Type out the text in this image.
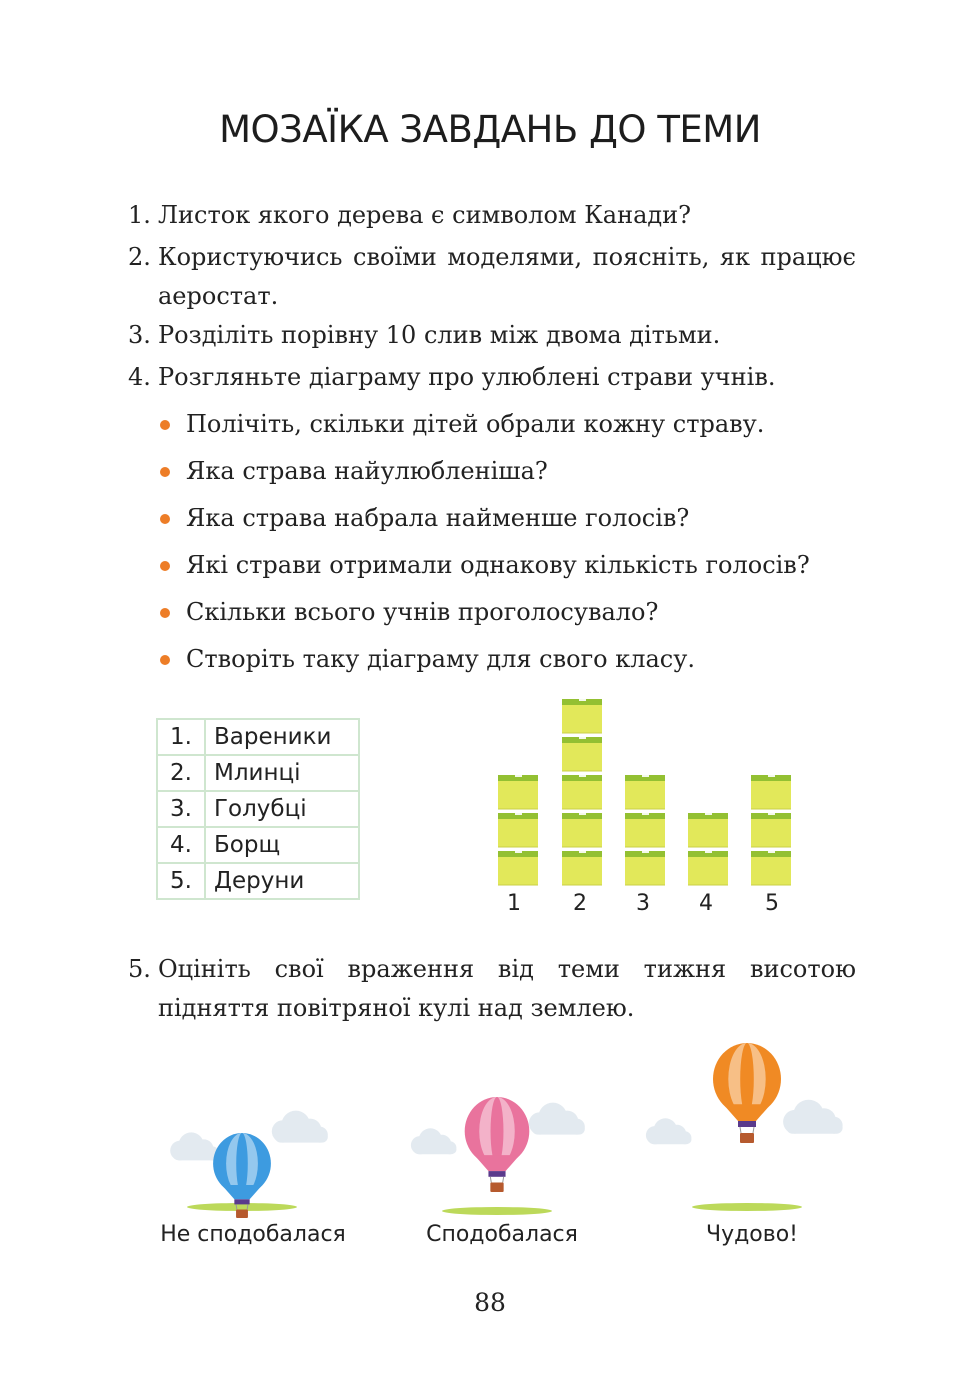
МОЗАЇКА ЗАВДАНЬ ДО ТЕМИ
1. Листок якого дерева є символом Канади?
2. Користуючись своїми моделями, поясніть, як працює аеростат.
3. Розділіть порівну 10 слив між двома дітьми.
4. Розгляньте діаграму про улюблені страви учнів.
Полічіть, скільки дітей обрали кожну страву.
Яка страва найулюбленіша?
Яка страва набрала найменше голосів?
Які страви отримали однакову кількість голосів?
Скільки всього учнів проголосувало?
Створіть таку діаграму для свого класу.
1.	Вареники
2.	Млинці
3.	Голубці
4.	Борщ
5.	Деруни
1	2	3	4	5
5. Оцініть свої враження від теми тижня висотою підняття повітряної кулі над землею.
Не сподобалася	Сподобалася	Чудово!
88
